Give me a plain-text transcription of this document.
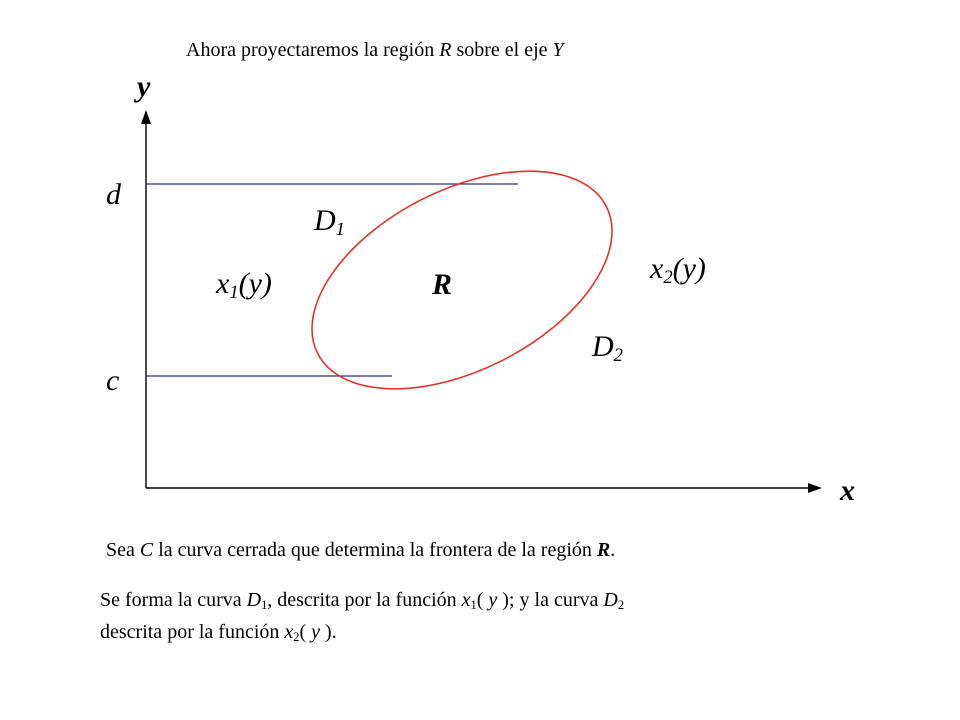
Ahora proyectaremos la región R sobre el eje Y
y
x
d
c
$D_1$
$D_2$
$x_1(y)$	$x_2(y)$
R
Sea C la curva cerrada que determina la frontera de la región R.
Se forma la curva $D_1$, descrita por la función $x_1$( y ); y la curva $D_2$
descrita por la función $x_2$( y ).
